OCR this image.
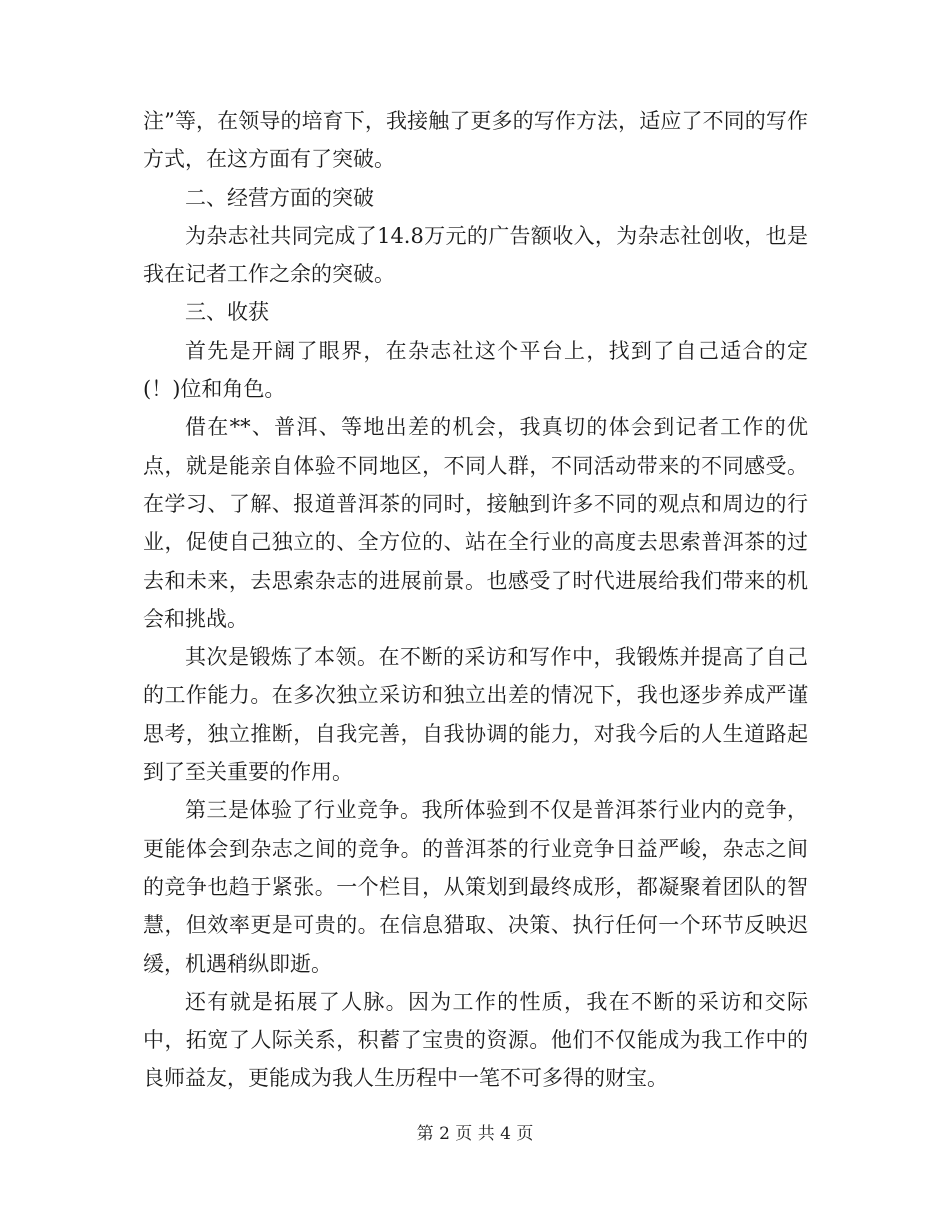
注”等，在领导的培育下，我接触了更多的写作方法，适应了不同的写作方式，在这方面有了突破。

二、经营方面的突破

为杂志社共同完成了14.8万元的广告额收入，为杂志社创收，也是我在记者工作之余的突破。

三、收获

首先是开阔了眼界，在杂志社这个平台上，找到了自己适合的定(！)位和角色。

借在**、普洱、等地出差的机会，我真切的体会到记者工作的优点，就是能亲自体验不同地区，不同人群，不同活动带来的不同感受。在学习、了解、报道普洱茶的同时，接触到许多不同的观点和周边的行业，促使自己独立的、全方位的、站在全行业的高度去思索普洱茶的过去和未来，去思索杂志的进展前景。也感受了时代进展给我们带来的机会和挑战。

其次是锻炼了本领。在不断的采访和写作中，我锻炼并提高了自己的工作能力。在多次独立采访和独立出差的情况下，我也逐步养成严谨思考，独立推断，自我完善，自我协调的能力，对我今后的人生道路起到了至关重要的作用。

第三是体验了行业竞争。我所体验到不仅是普洱茶行业内的竞争，更能体会到杂志之间的竞争。的普洱茶的行业竞争日益严峻，杂志之间的竞争也趋于紧张。一个栏目，从策划到最终成形，都凝聚着团队的智慧，但效率更是可贵的。在信息猎取、决策、执行任何一个环节反映迟缓，机遇稍纵即逝。

还有就是拓展了人脉。因为工作的性质，我在不断的采访和交际中，拓宽了人际关系，积蓄了宝贵的资源。他们不仅能成为我工作中的良师益友，更能成为我人生历程中一笔不可多得的财宝。

第 2 页 共 4 页
